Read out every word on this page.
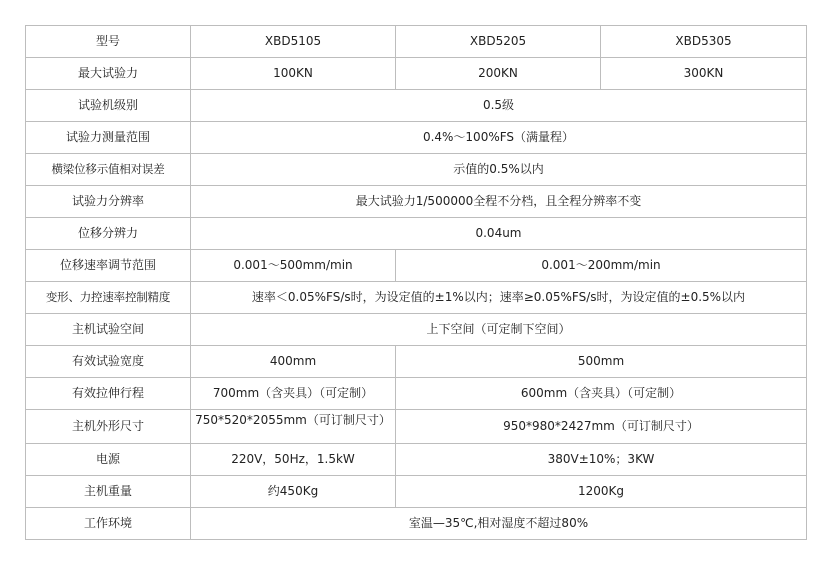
型号	XBD5105	XBD5205	XBD5305
最大试验力	100KN	200KN	300KN
试验机级别	0.5级		
试验力测量范围	0.4%～100%FS（满量程）		
横梁位移示值相对误差	示值的0.5%以内		
试验力分辨率	最大试验力1/500000全程不分档，且全程分辨率不变		
位移分辨力	0.04um		
位移速率调节范围	0.001～500mm/min	0.001～200mm/min	
变形、力控速率控制精度	速率＜0.05%FS/s时，为设定值的±1%以内；速率≥0.05%FS/s时，为设定值的±0.5%以内		
主机试验空间	上下空间（可定制下空间）		
有效试验宽度	400mm	500mm	
有效拉伸行程	700mm（含夹具）（可定制）	600mm（含夹具）（可定制）	
主机外形尺寸	750*520*2055mm（可订制尺寸）	950*980*2427mm（可订制尺寸）	
电源	220V，50Hz，1.5kW	380V±10%；3KW	
主机重量	约450Kg	1200Kg	
工作环境	室温—35℃,相对湿度不超过80%		
